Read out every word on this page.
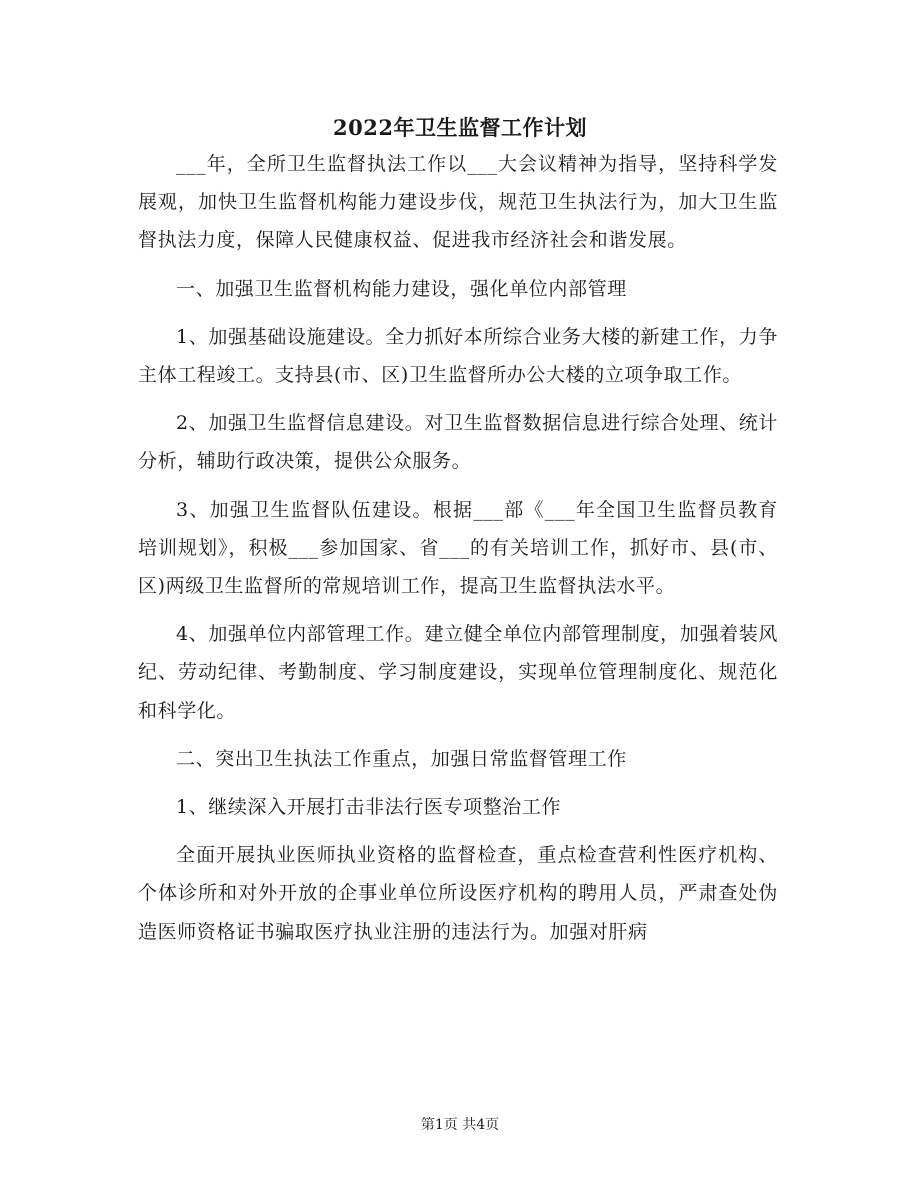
2022年卫生监督工作计划

___年，全所卫生监督执法工作以___大会议精神为指导，坚持科学发展观，加快卫生监督机构能力建设步伐，规范卫生执法行为，加大卫生监督执法力度，保障人民健康权益、促进我市经济社会和谐发展。

一、加强卫生监督机构能力建设，强化单位内部管理

1、加强基础设施建设。全力抓好本所综合业务大楼的新建工作，力争主体工程竣工。支持县(市、区)卫生监督所办公大楼的立项争取工作。

2、加强卫生监督信息建设。对卫生监督数据信息进行综合处理、统计分析，辅助行政决策，提供公众服务。

3、加强卫生监督队伍建设。根据___部《___年全国卫生监督员教育培训规划》，积极___参加国家、省___的有关培训工作，抓好市、县(市、区)两级卫生监督所的常规培训工作，提高卫生监督执法水平。

4、加强单位内部管理工作。建立健全单位内部管理制度，加强着装风纪、劳动纪律、考勤制度、学习制度建设，实现单位管理制度化、规范化和科学化。

二、突出卫生执法工作重点，加强日常监督管理工作

1、继续深入开展打击非法行医专项整治工作

全面开展执业医师执业资格的监督检查，重点检查营利性医疗机构、个体诊所和对外开放的企事业单位所设医疗机构的聘用人员，严肃查处伪造医师资格证书骗取医疗执业注册的违法行为。加强对肝病

第1页 共4页
